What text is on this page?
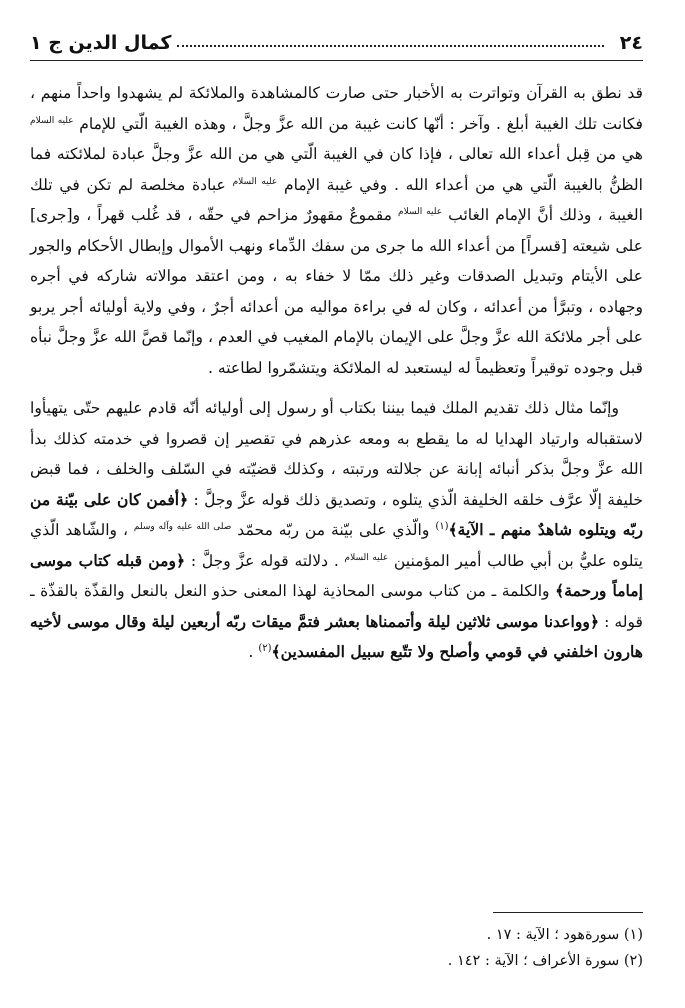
٢٤
كمال الدين ج ١

قد نطق به القرآن وتواترت به الأخبار حتى صارت كالمشاهدة والملائكة لم يشهدوا واحداً منهم ، فكانت تلك الغيبة أبلغ . وآخر : أنّها كانت غيبة من الله عزَّ وجلَّ ، وهذه الغيبة الّتي للإمام $^{عليه السلام}$ هي من قِبل أعداء الله تعالى ، فإذا كان في الغيبة الّتي هي من الله عزَّ وجلَّ عبادة لملائكته فما الظنُّ بالغيبة الّتي هي من أعداء الله . وفي غيبة الإمام $^{عليه السلام}$ عبادة مخلصة لم تكن في تلك الغيبة ، وذلك أنَّ الإمام الغائب $^{عليه السلام}$ مقموعٌ مقهورٌ مزاحم في حقّه ، قد غُلب قهراً ، و[جرى] على شيعته [قسراً] من أعداء الله ما جرى من سفك الدِّماء ونهب الأموال وإبطال الأحكام والجور على الأيتام وتبديل الصدقات وغير ذلك ممّا لا خفاء به ، ومن اعتقد موالاته شاركه في أجره وجهاده ، وتبرَّأ من أعدائه ، وكان له في براءة مواليه من أعدائه أجرٌ ، وفي ولاية أوليائه أجر يربو على أجر ملائكة الله عزَّ وجلَّ على الإيمان بالإمام المغيب في العدم ، وإنّما قصَّ الله عزَّ وجلَّ نبأه قبل وجوده توقيراً وتعظيماً له ليستعبد له الملائكة ويتشمّروا لطاعته .

وإنّما مثال ذلك تقديم الملك فيما بيننا بكتاب أو رسول إلى أوليائه أنّه قادم عليهم حتّى يتهيأوا لاستقباله وارتياد الهدايا له ما يقطع به ومعه عذرهم في تقصير إن قصروا في خدمته كذلك بدأ الله عزَّ وجلَّ بذكر أنبائه إبانة عن جلالته ورتبته ، وكذلك قضيّته في السّلف والخلف ، فما قبض خليفة إلّا عرَّف خلقه الخليفة الّذي يتلوه ، وتصديق ذلك قوله عزَّ وجلَّ : ﴿أفمن كان على بيّنة من ربّه ويتلوه شاهدٌ منهم ـ الآية﴾$^{(١)}$ والّذي على بيّنة من ربّه محمّد $^{صلى الله عليه وآله وسلم}$ ، والشّاهد الّذي يتلوه عليُّ بن أبي طالب أمير المؤمنين $^{عليه السلام}$ . دلالته قوله عزَّ وجلَّ : ﴿ومن قبله كتاب موسى إماماً ورحمة﴾ والكلمة ـ من كتاب موسى المحاذية لهذا المعنى حذو النعل بالنعل والقذّة بالقذّة ـ قوله : ﴿وواعدنا موسى ثلاثين ليلة وأتممناها بعشر فتمَّ ميقات ربّه أربعين ليلة وقال موسى لأخيه هارون اخلفني في قومي وأصلح ولا تتّبع سبيل المفسدين﴾$^{(٢)}$ .

(١) سورةهود ؛ الآية : ١٧ .

(٢) سورة الأعراف ؛ الآية : ١٤٢ .
